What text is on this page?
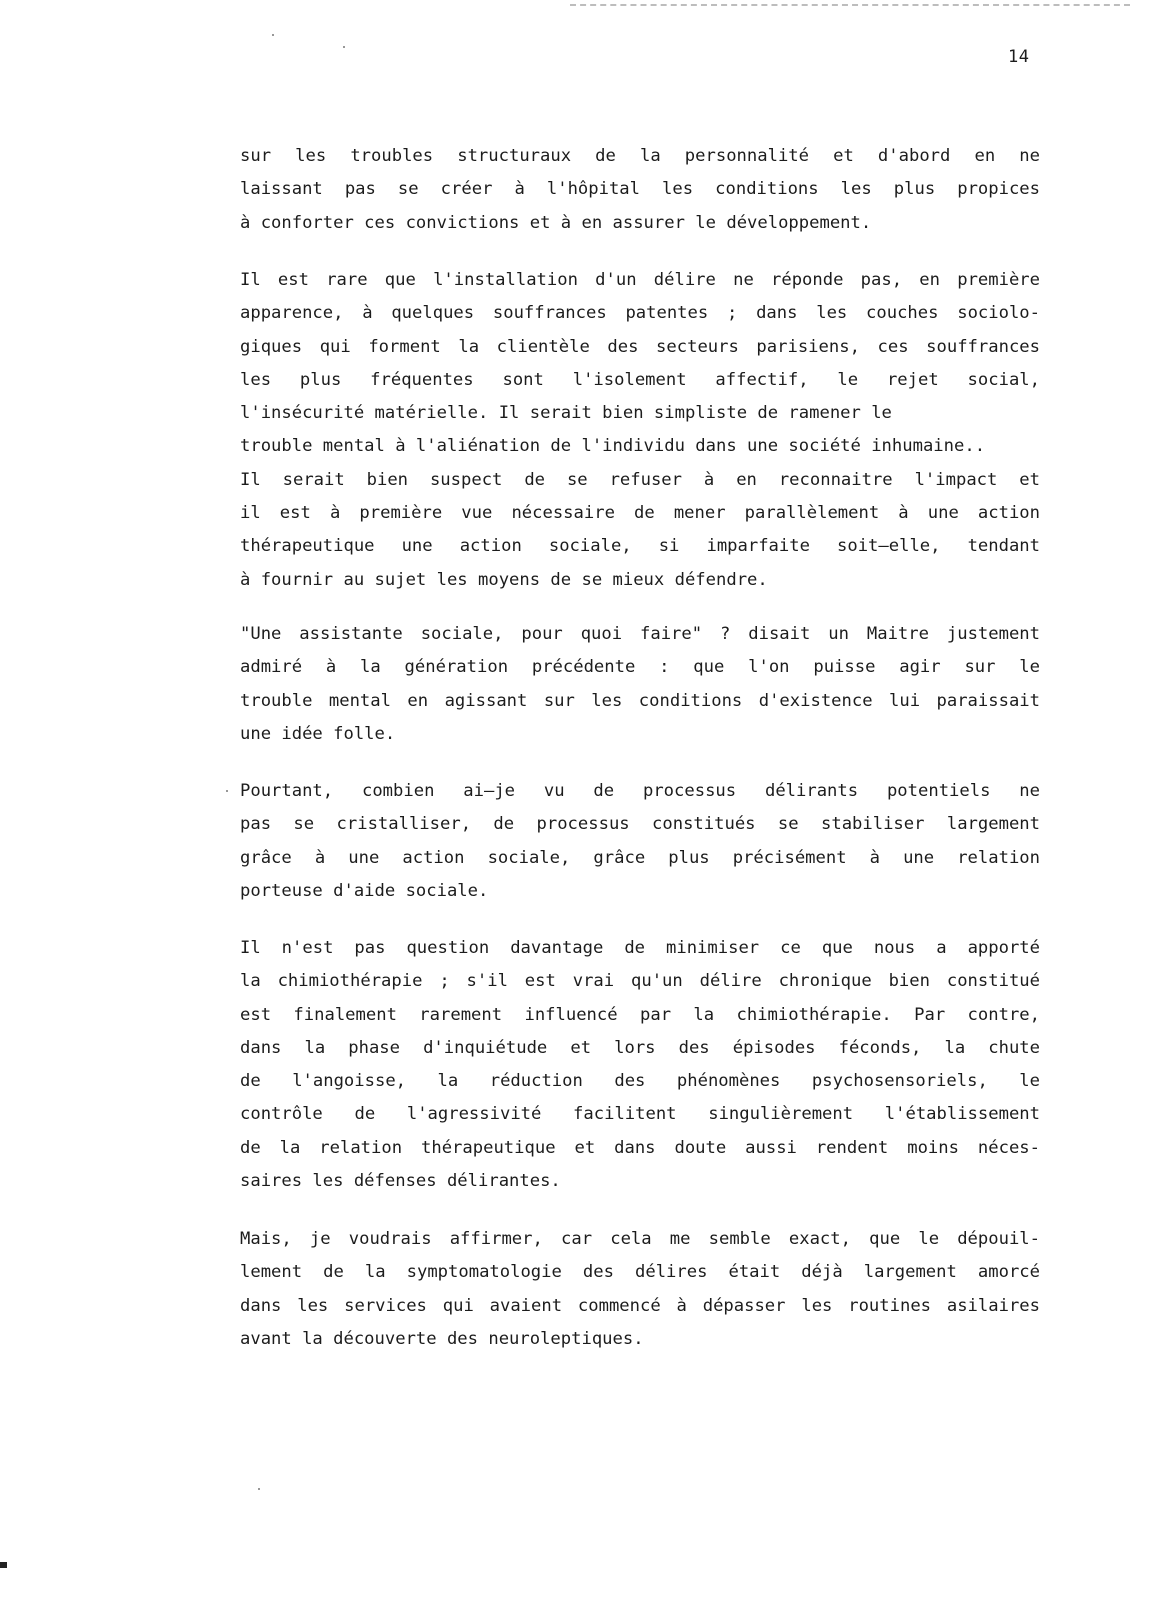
14
sur les troubles structuraux de la personnalité et d'abord en ne
laissant pas se créer à l'hôpital les conditions les plus propices
à conforter ces convictions et à en assurer le développement.
Il est rare que l'installation d'un délire ne réponde pas, en première
apparence, à quelques souffrances patentes ; dans les couches sociolo-
giques qui forment la clientèle des secteurs parisiens, ces souffrances
les plus fréquentes sont l'isolement affectif, le rejet social,
l'insécurité matérielle. Il serait bien simpliste de ramener le
trouble mental à l'aliénation de l'individu dans une société inhumaine..
Il serait bien suspect de se refuser à en reconnaitre l'impact et
il est à première vue nécessaire de mener parallèlement à une action
thérapeutique une action sociale, si imparfaite soit—elle, tendant
à fournir au sujet les moyens de se mieux défendre.
"Une assistante sociale, pour quoi faire" ? disait un Maitre justement
admiré à la génération précédente : que l'on puisse agir sur le
trouble mental en agissant sur les conditions d'existence lui paraissait
une idée folle.
Pourtant, combien ai—je vu de processus délirants potentiels ne
pas se cristalliser, de processus constitués se stabiliser largement
grâce à une action sociale, grâce plus précisément à une relation
porteuse d'aide sociale.
Il n'est pas question davantage de minimiser ce que nous a apporté
la chimiothérapie ; s'il est vrai qu'un délire chronique bien constitué
est finalement rarement influencé par la chimiothérapie. Par contre,
dans la phase d'inquiétude et lors des épisodes féconds, la chute
de l'angoisse, la réduction des phénomènes psychosensoriels, le
contrôle de l'agressivité facilitent singulièrement l'établissement
de la relation thérapeutique et dans doute aussi rendent moins néces-
saires les défenses délirantes.
Mais, je voudrais affirmer, car cela me semble exact, que le dépouil-
lement de la symptomatologie des délires était déjà largement amorcé
dans les services qui avaient commencé à dépasser les routines asilaires
avant la découverte des neuroleptiques.
